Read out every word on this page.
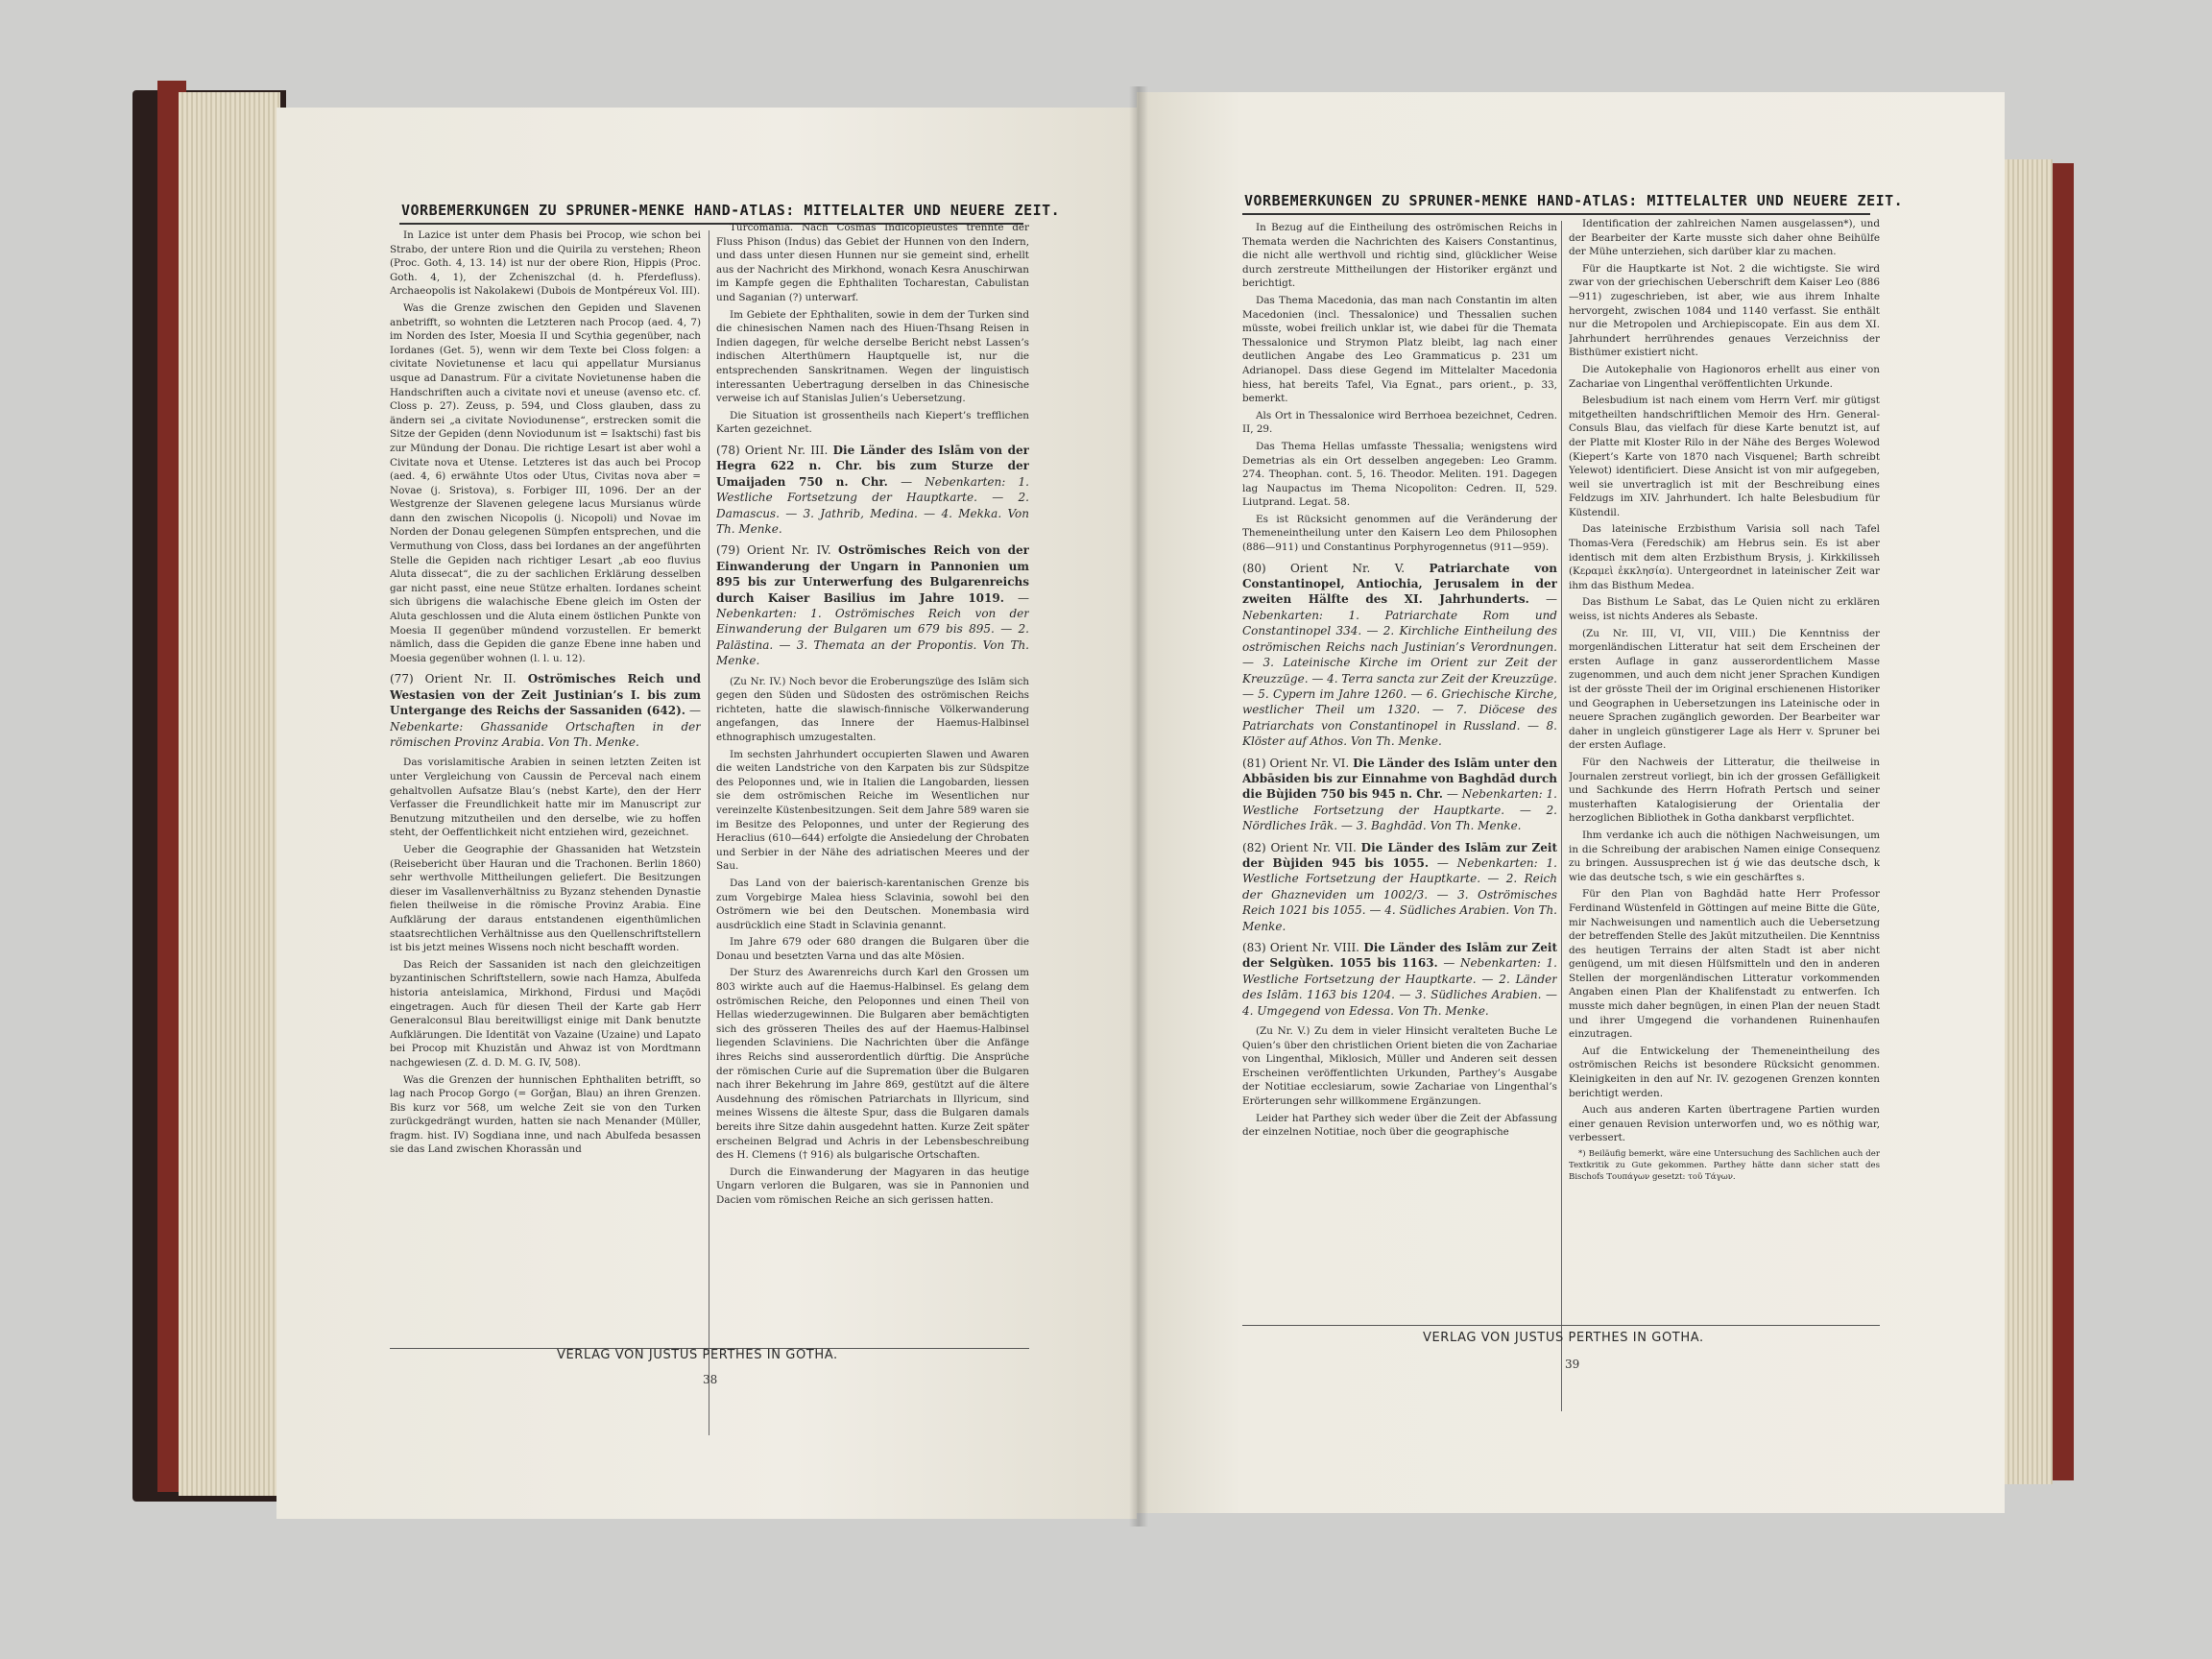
VORBEMERKUNGEN ZU SPRUNER-MENKE HAND-ATLAS: MITTELALTER UND NEUERE ZEIT.

In Lazice ist unter dem Phasis bei Procop, wie schon bei Strabo, der untere Rion und die Quirila zu verstehen; Rheon (Proc. Goth. 4, 13. 14) ist nur der obere Rion, Hippis (Proc. Goth. 4, 1), der Zcheniszchal (d. h. Pferdefluss). Archaeopolis ist Nakolakewi (Dubois de Montpéreux Vol. III).

Was die Grenze zwischen den Gepiden und Slavenen anbetrifft, so wohnten die Letzteren nach Procop (aed. 4, 7) im Norden des Ister, Moesia II und Scythia gegenüber, nach Iordanes (Get. 5), wenn wir dem Texte bei Closs folgen: a civitate Novietunense et lacu qui appellatur Mursianus usque ad Danastrum. Für a civitate Novietunense haben die Handschriften auch a civitate novi et uneuse (avenso etc. cf. Closs p. 27). Zeuss, p. 594, und Closs glauben, dass zu ändern sei „a civitate Noviodunense“, erstrecken somit die Sitze der Gepiden (denn Noviodunum ist = Isaktschi) fast bis zur Mündung der Donau. Die richtige Lesart ist aber wohl a Civitate nova et Utense. Letzteres ist das auch bei Procop (aed. 4, 6) erwähnte Utos oder Utus, Civitas nova aber = Novae (j. Sristova), s. Forbiger III, 1096. Der an der Westgrenze der Slavenen gelegene lacus Mursianus würde dann den zwischen Nicopolis (j. Nicopoli) und Novae im Norden der Donau gelegenen Sümpfen entsprechen, und die Vermuthung von Closs, dass bei Iordanes an der angeführten Stelle die Gepiden nach richtiger Lesart „ab eoo fluvius Aluta dissecat“, die zu der sachlichen Erklärung desselben gar nicht passt, eine neue Stütze erhalten. Iordanes scheint sich übrigens die walachische Ebene gleich im Osten der Aluta geschlossen und die Aluta einem östlichen Punkte von Moesia II gegenüber mündend vorzustellen. Er bemerkt nämlich, dass die Gepiden die ganze Ebene inne haben und Moesia gegenüber wohnen (l. l. u. 12).

(77) Orient Nr. II. Oströmisches Reich und Westasien von der Zeit Justinian’s I. bis zum Untergange des Reichs der Sassaniden (642). — Nebenkarte: Ghassanide Ortschaften in der römischen Provinz Arabia. Von Th. Menke.

Das vorislamitische Arabien in seinen letzten Zeiten ist unter Vergleichung von Caussin de Perceval nach einem gehaltvollen Aufsatze Blau’s (nebst Karte), den der Herr Verfasser die Freundlichkeit hatte mir im Manuscript zur Benutzung mitzutheilen und den derselbe, wie zu hoffen steht, der Oeffentlichkeit nicht entziehen wird, gezeichnet.

Ueber die Geographie der Ghassaniden hat Wetzstein (Reisebericht über Hauran und die Trachonen. Berlin 1860) sehr werthvolle Mittheilungen geliefert. Die Besitzungen dieser im Vasallenverhältniss zu Byzanz stehenden Dynastie fielen theilweise in die römische Provinz Arabia. Eine Aufklärung der daraus entstandenen eigenthümlichen staatsrechtlichen Verhältnisse aus den Quellenschriftstellern ist bis jetzt meines Wissens noch nicht beschafft worden.

Das Reich der Sassaniden ist nach den gleichzeitigen byzantinischen Schriftstellern, sowie nach Hamza, Abulfeda historia anteislamica, Mirkhond, Firdusi und Maçōdi eingetragen. Auch für diesen Theil der Karte gab Herr Generalconsul Blau bereitwilligst einige mit Dank benutzte Aufklärungen. Die Identität von Vazaine (Uzaine) und Lapato bei Procop mit Khuzistān und Ahwaz ist von Mordtmann nachgewiesen (Z. d. D. M. G. IV, 508).

Was die Grenzen der hunnischen Ephthaliten betrifft, so lag nach Procop Gorgo (= Gorğan, Blau) an ihren Grenzen. Bis kurz vor 568, um welche Zeit sie von den Turken zurückgedrängt wurden, hatten sie nach Menander (Müller, fragm. hist. IV) Sogdiana inne, und nach Abulfeda besassen sie das Land zwischen Khorassān und

Turcomania. Nach Cosmas Indicopleustes trennte der Fluss Phison (Indus) das Gebiet der Hunnen von den Indern, und dass unter diesen Hunnen nur sie gemeint sind, erhellt aus der Nachricht des Mirkhond, wonach Kesra Anuschirwan im Kampfe gegen die Ephthaliten Tocharestan, Cabulistan und Saganian (?) unterwarf.

Im Gebiete der Ephthaliten, sowie in dem der Turken sind die chinesischen Namen nach des Hiuen-Thsang Reisen in Indien dagegen, für welche derselbe Bericht nebst Lassen’s indischen Alterthümern Hauptquelle ist, nur die entsprechenden Sanskritnamen. Wegen der linguistisch interessanten Uebertragung derselben in das Chinesische verweise ich auf Stanislas Julien’s Uebersetzung.

Die Situation ist grossentheils nach Kiepert’s trefflichen Karten gezeichnet.

(78) Orient Nr. III. Die Länder des Islām von der Hegra 622 n. Chr. bis zum Sturze der Umaijaden 750 n. Chr. — Nebenkarten: 1. Westliche Fortsetzung der Hauptkarte. — 2. Damascus. — 3. Jathrib, Medina. — 4. Mekka. Von Th. Menke.

(79) Orient Nr. IV. Oströmisches Reich von der Einwanderung der Ungarn in Pannonien um 895 bis zur Unterwerfung des Bulgarenreichs durch Kaiser Basilius im Jahre 1019. — Nebenkarten: 1. Oströmisches Reich von der Einwanderung der Bulgaren um 679 bis 895. — 2. Palästina. — 3. Themata an der Propontis. Von Th. Menke.

(Zu Nr. IV.) Noch bevor die Eroberungszüge des Islām sich gegen den Süden und Südosten des oströmischen Reichs richteten, hatte die slawisch-finnische Völkerwanderung angefangen, das Innere der Haemus-Halbinsel ethnographisch umzugestalten.

Im sechsten Jahrhundert occupierten Slawen und Awaren die weiten Landstriche von den Karpaten bis zur Südspitze des Peloponnes und, wie in Italien die Langobarden, liessen sie dem oströmischen Reiche im Wesentlichen nur vereinzelte Küstenbesitzungen. Seit dem Jahre 589 waren sie im Besitze des Peloponnes, und unter der Regierung des Heraclius (610—644) erfolgte die Ansiedelung der Chrobaten und Serbier in der Nähe des adriatischen Meeres und der Sau.

Das Land von der baierisch-karentanischen Grenze bis zum Vorgebirge Malea hiess Sclavinia, sowohl bei den Oströmern wie bei den Deutschen. Monembasia wird ausdrücklich eine Stadt in Sclavinia genannt.

Im Jahre 679 oder 680 drangen die Bulgaren über die Donau und besetzten Varna und das alte Mösien.

Der Sturz des Awarenreichs durch Karl den Grossen um 803 wirkte auch auf die Haemus-Halbinsel. Es gelang dem oströmischen Reiche, den Peloponnes und einen Theil von Hellas wiederzugewinnen. Die Bulgaren aber bemächtigten sich des grösseren Theiles des auf der Haemus-Halbinsel liegenden Sclaviniens. Die Nachrichten über die Anfänge ihres Reichs sind ausserordentlich dürftig. Die Ansprüche der römischen Curie auf die Supremation über die Bulgaren nach ihrer Bekehrung im Jahre 869, gestützt auf die ältere Ausdehnung des römischen Patriarchats in Illyricum, sind meines Wissens die älteste Spur, dass die Bulgaren damals bereits ihre Sitze dahin ausgedehnt hatten. Kurze Zeit später erscheinen Belgrad und Achris in der Lebensbeschreibung des H. Clemens († 916) als bulgarische Ortschaften.

Durch die Einwanderung der Magyaren in das heutige Ungarn verloren die Bulgaren, was sie in Pannonien und Dacien vom römischen Reiche an sich gerissen hatten.

VERLAG VON JUSTUS PERTHES IN GOTHA.
38
VORBEMERKUNGEN ZU SPRUNER-MENKE HAND-ATLAS: MITTELALTER UND NEUERE ZEIT.

In Bezug auf die Eintheilung des oströmischen Reichs in Themata werden die Nachrichten des Kaisers Constantinus, die nicht alle werthvoll und richtig sind, glücklicher Weise durch zerstreute Mittheilungen der Historiker ergänzt und berichtigt.

Das Thema Macedonia, das man nach Constantin im alten Macedonien (incl. Thessalonice) und Thessalien suchen müsste, wobei freilich unklar ist, wie dabei für die Themata Thessalonice und Strymon Platz bleibt, lag nach einer deutlichen Angabe des Leo Grammaticus p. 231 um Adrianopel. Dass diese Gegend im Mittelalter Macedonia hiess, hat bereits Tafel, Via Egnat., pars orient., p. 33, bemerkt.

Als Ort in Thessalonice wird Berrhoea bezeichnet, Cedren. II, 29.

Das Thema Hellas umfasste Thessalia; wenigstens wird Demetrias als ein Ort desselben angegeben: Leo Gramm. 274. Theophan. cont. 5, 16. Theodor. Meliten. 191. Dagegen lag Naupactus im Thema Nicopoliton: Cedren. II, 529. Liutprand. Legat. 58.

Es ist Rücksicht genommen auf die Veränderung der Themeneintheilung unter den Kaisern Leo dem Philosophen (886—911) und Constantinus Porphyrogennetus (911—959).

(80) Orient Nr. V. Patriarchate von Constantinopel, Antiochia, Jerusalem in der zweiten Hälfte des XI. Jahrhunderts. — Nebenkarten: 1. Patriarchate Rom und Constantinopel 334. — 2. Kirchliche Eintheilung des oströmischen Reichs nach Justinian’s Verordnungen. — 3. Lateinische Kirche im Orient zur Zeit der Kreuzzüge. — 4. Terra sancta zur Zeit der Kreuzzüge. — 5. Cypern im Jahre 1260. — 6. Griechische Kirche, westlicher Theil um 1320. — 7. Diöcese des Patriarchats von Constantinopel in Russland. — 8. Klöster auf Athos. Von Th. Menke.

(81) Orient Nr. VI. Die Länder des Islām unter den Abbāsiden bis zur Einnahme von Baghdād durch die Bùjiden 750 bis 945 n. Chr. — Nebenkarten: 1. Westliche Fortsetzung der Hauptkarte. — 2. Nördliches Irāk. — 3. Baghdād. Von Th. Menke.

(82) Orient Nr. VII. Die Länder des Islām zur Zeit der Bùjiden 945 bis 1055. — Nebenkarten: 1. Westliche Fortsetzung der Hauptkarte. — 2. Reich der Ghazneviden um 1002/3. — 3. Oströmisches Reich 1021 bis 1055. — 4. Südliches Arabien. Von Th. Menke.

(83) Orient Nr. VIII. Die Länder des Islām zur Zeit der Selgùken. 1055 bis 1163. — Nebenkarten: 1. Westliche Fortsetzung der Hauptkarte. — 2. Länder des Islām. 1163 bis 1204. — 3. Südliches Arabien. — 4. Umgegend von Edessa. Von Th. Menke.

(Zu Nr. V.) Zu dem in vieler Hinsicht veralteten Buche Le Quien’s über den christlichen Orient bieten die von Zachariae von Lingenthal, Miklosich, Müller und Anderen seit dessen Erscheinen veröffentlichten Urkunden, Parthey’s Ausgabe der Notitiae ecclesiarum, sowie Zachariae von Lingenthal’s Erörterungen sehr willkommene Ergänzungen.

Leider hat Parthey sich weder über die Zeit der Abfassung der einzelnen Notitiae, noch über die geographische

Identification der zahlreichen Namen ausgelassen*), und der Bearbeiter der Karte musste sich daher ohne Beihülfe der Mühe unterziehen, sich darüber klar zu machen.

Für die Hauptkarte ist Not. 2 die wichtigste. Sie wird zwar von der griechischen Ueberschrift dem Kaiser Leo (886—911) zugeschrieben, ist aber, wie aus ihrem Inhalte hervorgeht, zwischen 1084 und 1140 verfasst. Sie enthält nur die Metropolen und Archiepiscopate. Ein aus dem XI. Jahrhundert herrührendes genaues Verzeichniss der Bisthümer existiert nicht.

Die Autokephalie von Hagionoros erhellt aus einer von Zachariae von Lingenthal veröffentlichten Urkunde.

Belesbudium ist nach einem vom Herrn Verf. mir gütigst mitgetheilten handschriftlichen Memoir des Hrn. General-Consuls Blau, das vielfach für diese Karte benutzt ist, auf der Platte mit Kloster Rilo in der Nähe des Berges Wolewod (Kiepert’s Karte von 1870 nach Visquenel; Barth schreibt Yelewot) identificiert. Diese Ansicht ist von mir aufgegeben, weil sie unvertraglich ist mit der Beschreibung eines Feldzugs im XIV. Jahrhundert. Ich halte Belesbudium für Küstendil.

Das lateinische Erzbisthum Varisia soll nach Tafel Thomas-Vera (Feredschik) am Hebrus sein. Es ist aber identisch mit dem alten Erzbisthum Brysis, j. Kirkkilisseh (Κεραμεὶ ἐκκλησία). Untergeordnet in lateinischer Zeit war ihm das Bisthum Medea.

Das Bisthum Le Sabat, das Le Quien nicht zu erklären weiss, ist nichts Anderes als Sebaste.

(Zu Nr. III, VI, VII, VIII.) Die Kenntniss der morgenländischen Litteratur hat seit dem Erscheinen der ersten Auflage in ganz ausserordentlichem Masse zugenommen, und auch dem nicht jener Sprachen Kundigen ist der grösste Theil der im Original erschienenen Historiker und Geographen in Uebersetzungen ins Lateinische oder in neuere Sprachen zugänglich geworden. Der Bearbeiter war daher in ungleich günstigerer Lage als Herr v. Spruner bei der ersten Auflage.

Für den Nachweis der Litteratur, die theilweise in Journalen zerstreut vorliegt, bin ich der grossen Gefälligkeit und Sachkunde des Herrn Hofrath Pertsch und seiner musterhaften Katalogisierung der Orientalia der herzoglichen Bibliothek in Gotha dankbarst verpflichtet.

Ihm verdanke ich auch die nöthigen Nachweisungen, um in die Schreibung der arabischen Namen einige Consequenz zu bringen. Aussusprechen ist ǵ wie das deutsche dsch, k wie das deutsche tsch, s wie ein geschärftes s.

Für den Plan von Baghdād hatte Herr Professor Ferdinand Wüstenfeld in Göttingen auf meine Bitte die Güte, mir Nachweisungen und namentlich auch die Uebersetzung der betreffenden Stelle des Jakūt mitzutheilen. Die Kenntniss des heutigen Terrains der alten Stadt ist aber nicht genügend, um mit diesen Hülfsmitteln und den in anderen Stellen der morgenländischen Litteratur vorkommenden Angaben einen Plan der Khalifenstadt zu entwerfen. Ich musste mich daher begnügen, in einen Plan der neuen Stadt und ihrer Umgegend die vorhandenen Ruinenhaufen einzutragen.

Auf die Entwickelung der Themeneintheilung des oströmischen Reichs ist besondere Rücksicht genommen. Kleinigkeiten in den auf Nr. IV. gezogenen Grenzen konnten berichtigt werden.

Auch aus anderen Karten übertragene Partien wurden einer genauen Revision unterworfen und, wo es nöthig war, verbessert.

*) Beiläufig bemerkt, wäre eine Untersuchung des Sachlichen auch der Textkritik zu Gute gekommen. Parthey hätte dann sicher statt des Bischofs Τουπάγων gesetzt: τοῦ Τάγων.

VERLAG VON JUSTUS PERTHES IN GOTHA.
39
